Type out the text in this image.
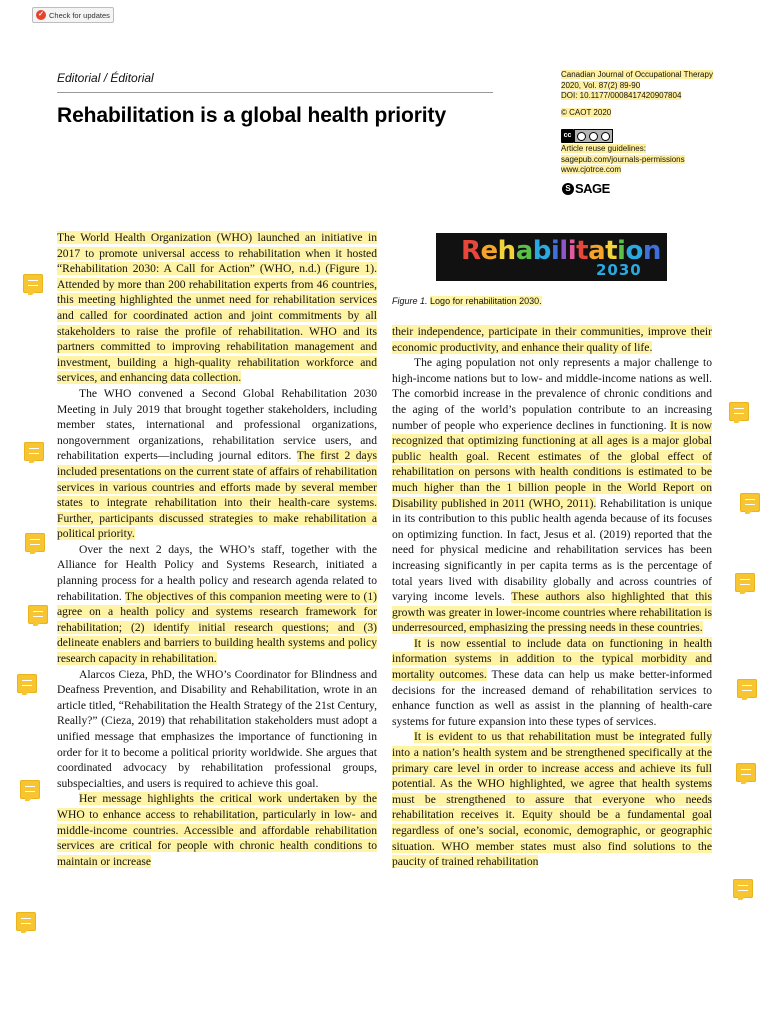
✓ Check for updates
Editorial / Éditorial
Rehabilitation is a global health priority
Canadian Journal of Occupational Therapy
2020, Vol. 87(2) 89-90
DOI: 10.1177/0008417420907804
© CAOT 2020
cc
Article reuse guidelines:
sagepub.com/journals-permissions
www.cjotrce.com
S SAGE
Rehabilitation
2030
Figure 1. Logo for rehabilitation 2030.

The World Health Organization (WHO) launched an initiative in 2017 to promote universal access to rehabilitation when it hosted “Rehabilitation 2030: A Call for Action” (WHO, n.d.) (Figure 1). Attended by more than 200 rehabilitation experts from 46 countries, this meeting highlighted the unmet need for rehabilitation services and called for coordinated action and joint commitments by all stakeholders to raise the profile of rehabilitation. WHO and its partners committed to improving rehabilitation management and investment, building a high-quality rehabilitation workforce and services, and enhancing data collection.

The WHO convened a Second Global Rehabilitation 2030 Meeting in July 2019 that brought together stakeholders, including member states, international and professional organizations, nongovernment organizations, rehabilitation service users, and rehabilitation experts—including journal editors. The first 2 days included presentations on the current state of affairs of rehabilitation services in various countries and efforts made by several member states to integrate rehabilitation into their health-care systems. Further, participants discussed strategies to make rehabilitation a political priority.

Over the next 2 days, the WHO’s staff, together with the Alliance for Health Policy and Systems Research, initiated a planning process for a health policy and research agenda related to rehabilitation. The objectives of this companion meeting were to (1) agree on a health policy and systems research framework for rehabilitation; (2) identify initial research questions; and (3) delineate enablers and barriers to building health systems and policy research capacity in rehabilitation.

Alarcos Cieza, PhD, the WHO’s Coordinator for Blindness and Deafness Prevention, and Disability and Rehabilitation, wrote in an article titled, “Rehabilitation the Health Strategy of the 21st Century, Really?” (Cieza, 2019) that rehabilitation stakeholders must adopt a unified message that emphasizes the importance of functioning in order for it to become a political priority worldwide. She argues that coordinated advocacy by rehabilitation professional groups, subspecialties, and users is required to achieve this goal.

Her message highlights the critical work undertaken by the WHO to enhance access to rehabilitation, particularly in low- and middle-income countries. Accessible and affordable rehabilitation services are critical for people with chronic health conditions to maintain or increase

their independence, participate in their communities, improve their economic productivity, and enhance their quality of life.

The aging population not only represents a major challenge to high-income nations but to low- and middle-income nations as well. The comorbid increase in the prevalence of chronic conditions and the aging of the world’s population contribute to an increasing number of people who experience declines in functioning. It is now recognized that optimizing functioning at all ages is a major global public health goal. Recent estimates of the global effect of rehabilitation on persons with health conditions is estimated to be much higher than the 1 billion people in the World Report on Disability published in 2011 (WHO, 2011). Rehabilitation is unique in its contribution to this public health agenda because of its focuses on optimizing function. In fact, Jesus et al. (2019) reported that the need for physical medicine and rehabilitation services has been increasing significantly in per capita terms as is the percentage of total years lived with disability globally and across countries of varying income levels. These authors also highlighted that this growth was greater in lower-income countries where rehabilitation is underresourced, emphasizing the pressing needs in these countries.

It is now essential to include data on functioning in health information systems in addition to the typical morbidity and mortality outcomes. These data can help us make better-informed decisions for the increased demand of rehabilitation services to enhance function as well as assist in the planning of health-care systems for future expansion into these types of services.

It is evident to us that rehabilitation must be integrated fully into a nation’s health system and be strengthened specifically at the primary care level in order to increase access and achieve its full potential. As the WHO highlighted, we agree that health systems must be strengthened to assure that everyone who needs rehabilitation receives it. Equity should be a fundamental goal regardless of one’s social, economic, demographic, or geographic situation. WHO member states must also find solutions to the paucity of trained rehabilitation
